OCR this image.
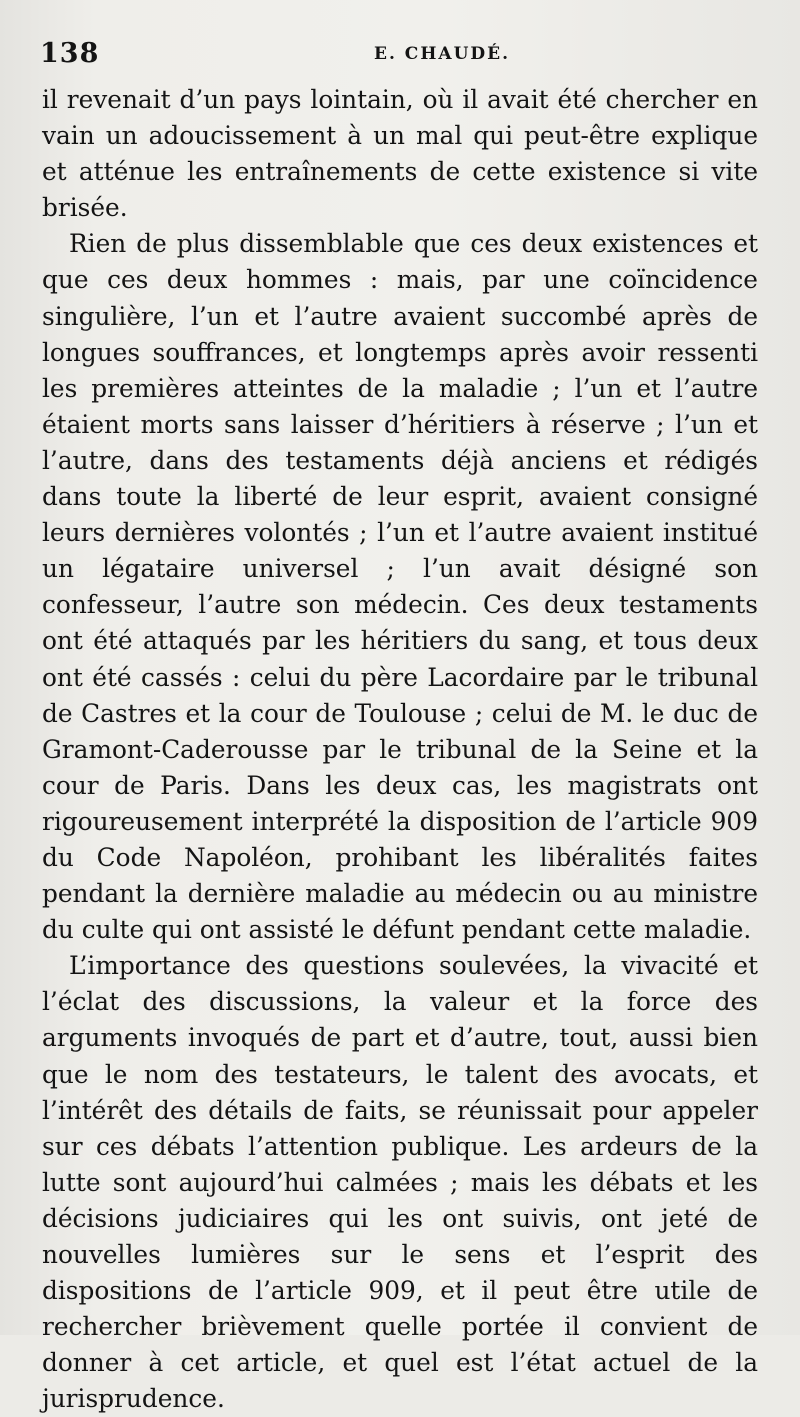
138	E. CHAUDÉ.

il revenait d’un pays lointain, où il avait été chercher en vain un adoucissement à un mal qui peut-être explique et atténue les entraînements de cette existence si vite brisée.

Rien de plus dissemblable que ces deux existences et que ces deux hommes : mais, par une coïncidence singulière, l’un et l’autre avaient succombé après de longues souffrances, et longtemps après avoir ressenti les premières atteintes de la maladie ; l’un et l’autre étaient morts sans laisser d’héritiers à réserve ; l’un et l’autre, dans des testaments déjà anciens et rédigés dans toute la liberté de leur esprit, avaient consigné leurs dernières volontés ; l’un et l’autre avaient institué un légataire universel ; l’un avait désigné son confesseur, l’autre son médecin. Ces deux testaments ont été attaqués par les héritiers du sang, et tous deux ont été cassés : celui du père Lacordaire par le tribunal de Castres et la cour de Toulouse ; celui de M. le duc de Gramont-Caderousse par le tribunal de la Seine et la cour de Paris. Dans les deux cas, les magistrats ont rigoureusement interprété la disposition de l’article 909 du Code Napoléon, prohibant les libéralités faites pendant la dernière maladie au médecin ou au ministre du culte qui ont assisté le défunt pendant cette maladie.

L’importance des questions soulevées, la vivacité et l’éclat des discussions, la valeur et la force des arguments invoqués de part et d’autre, tout, aussi bien que le nom des testateurs, le talent des avocats, et l’intérêt des détails de faits, se réunissait pour appeler sur ces débats l’attention publique. Les ardeurs de la lutte sont aujourd’hui calmées ; mais les débats et les décisions judiciaires qui les ont suivis, ont jeté de nouvelles lumières sur le sens et l’esprit des dispositions de l’article 909, et il peut être utile de rechercher brièvement quelle portée il convient de donner à cet article, et quel est l’état actuel de la jurisprudence.
